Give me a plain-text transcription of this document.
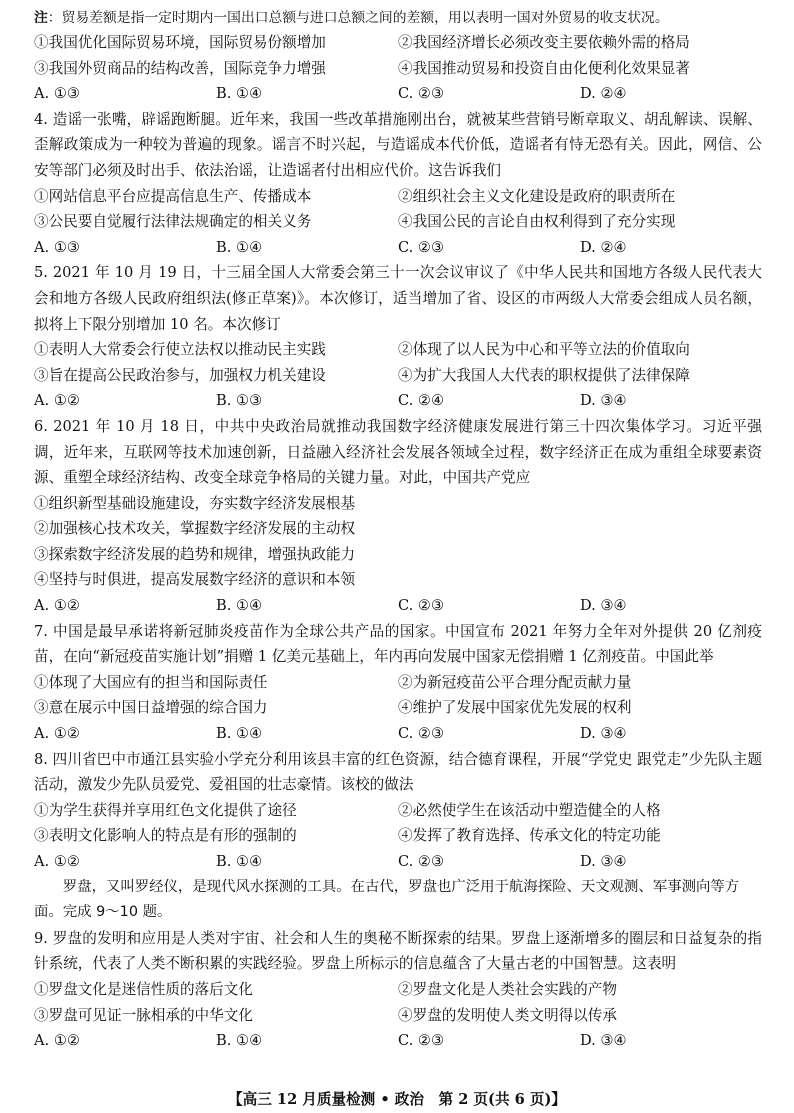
注：贸易差额是指一定时期内一国出口总额与进口总额之间的差额，用以表明一国对外贸易的收支状况。
①我国优化国际贸易环境，国际贸易份额增加	②我国经济增长必须改变主要依赖外需的格局
③我国外贸商品的结构改善，国际竞争力增强	④我国推动贸易和投资自由化便利化效果显著
A. ①③	B. ①④	C. ②③	D. ②④
4. 造谣一张嘴，辟谣跑断腿。近年来，我国一些改革措施刚出台，就被某些营销号断章取义、胡乱解读、误解、歪解政策成为一种较为普遍的现象。谣言不时兴起，与造谣成本代价低，造谣者有恃无恐有关。因此，网信、公安等部门必须及时出手、依法治谣，让造谣者付出相应代价。这告诉我们
①网站信息平台应提高信息生产、传播成本	②组织社会主义文化建设是政府的职责所在
③公民要自觉履行法律法规确定的相关义务	④我国公民的言论自由权利得到了充分实现
A. ①③	B. ①④	C. ②③	D. ②④
5. 2021 年 10 月 19 日，十三届全国人大常委会第三十一次会议审议了《中华人民共和国地方各级人民代表大会和地方各级人民政府组织法(修正草案)》。本次修订，适当增加了省、设区的市两级人大常委会组成人员名额，拟将上下限分别增加 10 名。本次修订
①表明人大常委会行使立法权以推动民主实践	②体现了以人民为中心和平等立法的价值取向
③旨在提高公民政治参与，加强权力机关建设	④为扩大我国人大代表的职权提供了法律保障
A. ①②	B. ①③	C. ②④	D. ③④
6. 2021 年 10 月 18 日，中共中央政治局就推动我国数字经济健康发展进行第三十四次集体学习。习近平强调，近年来，互联网等技术加速创新，日益融入经济社会发展各领域全过程，数字经济正在成为重组全球要素资源、重塑全球经济结构、改变全球竞争格局的关键力量。对此，中国共产党应
①组织新型基础设施建设，夯实数字经济发展根基
②加强核心技术攻关，掌握数字经济发展的主动权
③探索数字经济发展的趋势和规律，增强执政能力
④坚持与时俱进，提高发展数字经济的意识和本领
A. ①②	B. ①④	C. ②③	D. ③④
7. 中国是最早承诺将新冠肺炎疫苗作为全球公共产品的国家。中国宣布 2021 年努力全年对外提供 20 亿剂疫苗，在向“新冠疫苗实施计划”捐赠 1 亿美元基础上，年内再向发展中国家无偿捐赠 1 亿剂疫苗。中国此举
①体现了大国应有的担当和国际责任	②为新冠疫苗公平合理分配贡献力量
③意在展示中国日益增强的综合国力	④维护了发展中国家优先发展的权利
A. ①②	B. ①④	C. ②③	D. ③④
8. 四川省巴中市通江县实验小学充分利用该县丰富的红色资源，结合德育课程，开展“学党史 跟党走”少先队主题活动，激发少先队员爱党、爱祖国的壮志豪情。该校的做法
①为学生获得并享用红色文化提供了途径	②必然使学生在该活动中塑造健全的人格
③表明文化影响人的特点是有形的强制的	④发挥了教育选择、传承文化的特定功能
A. ①②	B. ①④	C. ②③	D. ③④
罗盘，又叫罗经仪，是现代风水探测的工具。在古代，罗盘也广泛用于航海探险、天文观测、军事测向等方面。完成 9～10 题。
9. 罗盘的发明和应用是人类对宇宙、社会和人生的奥秘不断探索的结果。罗盘上逐渐增多的圈层和日益复杂的指针系统，代表了人类不断积累的实践经验。罗盘上所标示的信息蕴含了大量古老的中国智慧。这表明
①罗盘文化是迷信性质的落后文化	②罗盘文化是人类社会实践的产物
③罗盘可见证一脉相承的中华文化	④罗盘的发明使人类文明得以传承
A. ①②	B. ①④	C. ②③	D. ③④
【高三 12 月质量检测 • 政治　第 2 页(共 6 页)】
